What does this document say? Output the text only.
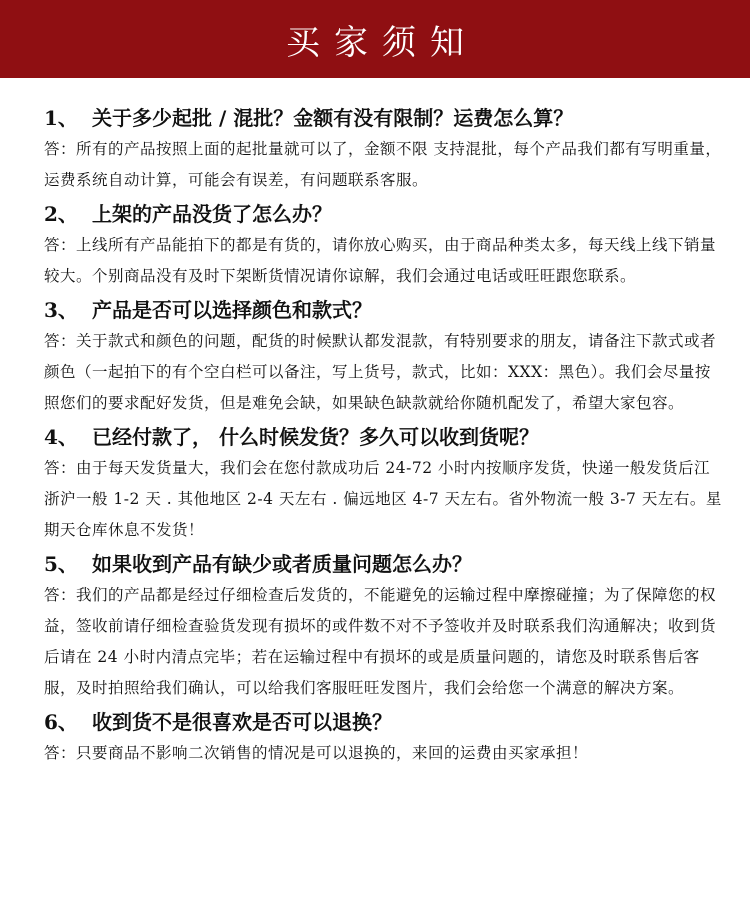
买家须知

1、 关于多少起批 / 混批？金额有没有限制？运费怎么算？

答：所有的产品按照上面的起批量就可以了，金额不限 支持混批，每个产品我们都有写明重量，运费系统自动计算，可能会有误差，有问题联系客服。

2、 上架的产品没货了怎么办？

答：上线所有产品能拍下的都是有货的，请你放心购买，由于商品种类太多，每天线上线下销量较大。个别商品没有及时下架断货情况请你谅解，我们会通过电话或旺旺跟您联系。

3、 产品是否可以选择颜色和款式？

答：关于款式和颜色的问题，配货的时候默认都发混款，有特别要求的朋友，请备注下款式或者颜色（一起拍下的有个空白栏可以备注，写上货号，款式，比如：XXX：黑色）。我们会尽量按照您们的要求配好发货，但是难免会缺，如果缺色缺款就给你随机配发了，希望大家包容。

4、 已经付款了， 什么时候发货？多久可以收到货呢？

答：由于每天发货量大，我们会在您付款成功后 24-72 小时内按顺序发货，快递一般发货后江浙沪一般 1-2 天 . 其他地区 2-4 天左右 . 偏远地区 4-7 天左右。省外物流一般 3-7 天左右。星期天仓库休息不发货！

5、 如果收到产品有缺少或者质量问题怎么办？

答：我们的产品都是经过仔细检查后发货的，不能避免的运输过程中摩擦碰撞；为了保障您的权益，签收前请仔细检查验货发现有损坏的或件数不对不予签收并及时联系我们沟通解决；收到货后请在 24 小时内清点完毕；若在运输过程中有损坏的或是质量问题的，请您及时联系售后客服，及时拍照给我们确认，可以给我们客服旺旺发图片，我们会给您一个满意的解决方案。

6、 收到货不是很喜欢是否可以退换？

答：只要商品不影响二次销售的情况是可以退换的，来回的运费由买家承担！
